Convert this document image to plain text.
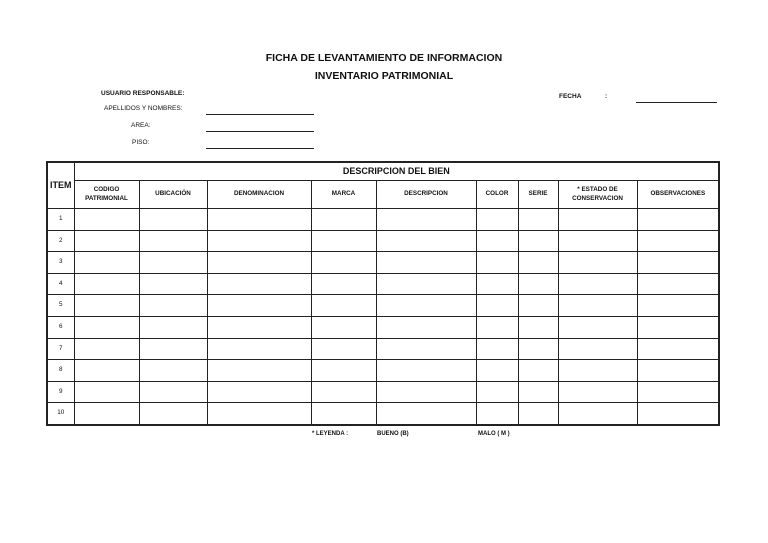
FICHA DE LEVANTAMIENTO DE INFORMACION
INVENTARIO PATRIMONIAL
USUARIO RESPONSABLE:
APELLIDOS Y NOMBRES:
AREA:
PISO:
FECHA	:
ITEM	DESCRIPCION DEL BIEN								
	CODIGO PATRIMONIAL	UBICACIÓN	DENOMINACION	MARCA	DESCRIPCION	COLOR	SERIE	* ESTADO DE CONSERVACION	OBSERVACIONES
1									
2									
3									
4									
5									
6									
7									
8									
9									
10									
* LEYENDA :	BUENO (B)	MALO ( M )
